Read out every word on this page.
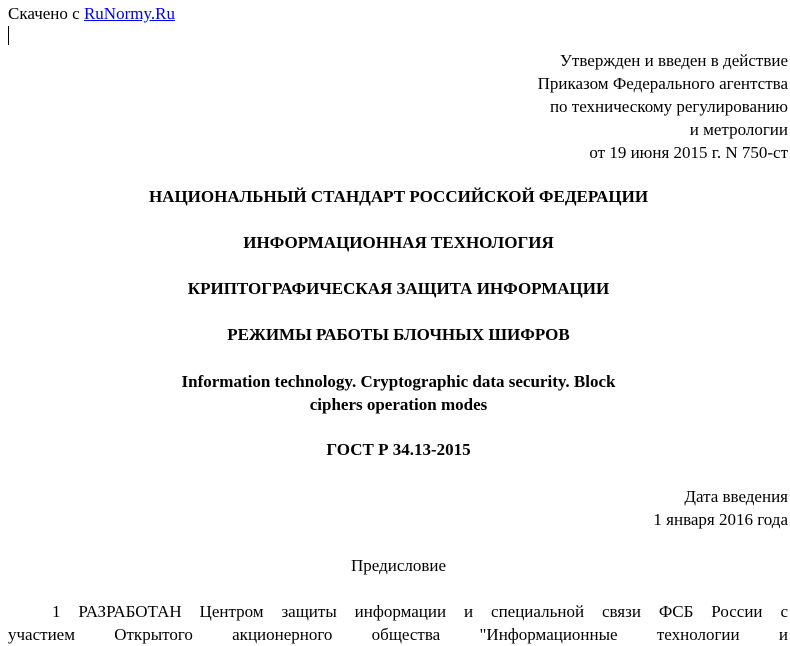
Скачено с RuNormy.Ru
Утвержден и введен в действие
Приказом Федерального агентства
по техническому регулированию
и метрологии
от 19 июня 2015 г. N 750-ст
НАЦИОНАЛЬНЫЙ СТАНДАРТ РОССИЙСКОЙ ФЕДЕРАЦИИ
ИНФОРМАЦИОННАЯ ТЕХНОЛОГИЯ
КРИПТОГРАФИЧЕСКАЯ ЗАЩИТА ИНФОРМАЦИИ
РЕЖИМЫ РАБОТЫ БЛОЧНЫХ ШИФРОВ
Information technology. Cryptographic data security. Block
ciphers operation modes
ГОСТ Р 34.13-2015
Дата введения
1 января 2016 года
Предисловие
1 РАЗРАБОТАН Центром защиты информации и специальной связи ФСБ России с
участием Открытого акционерного общества "Информационные технологии и
